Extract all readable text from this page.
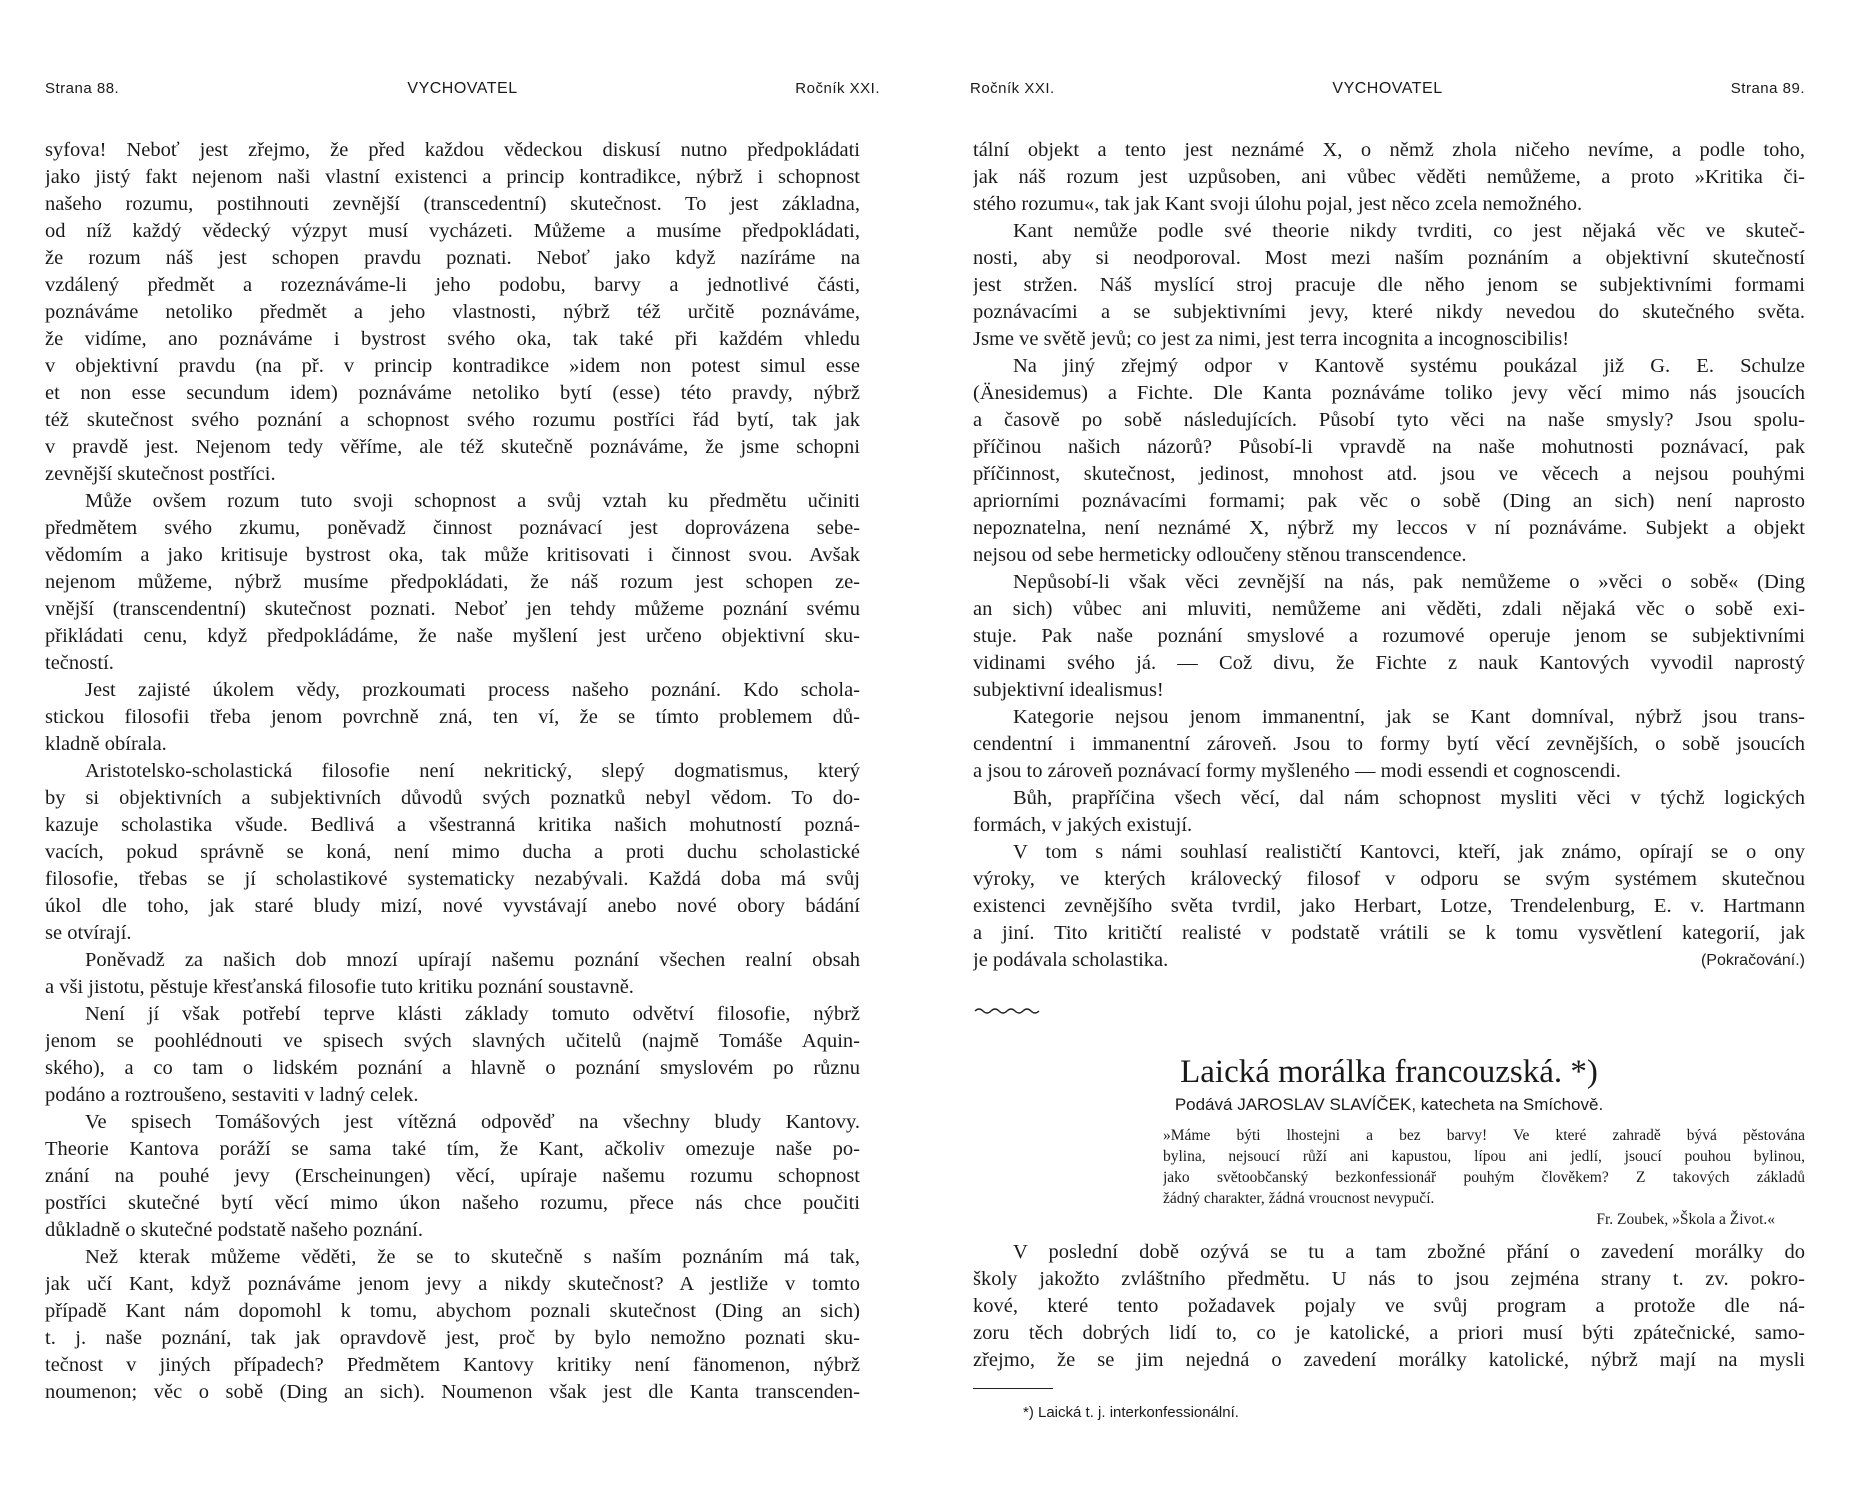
Strana 88.	VYCHOVATEL	Ročník XXI.
syfova! Neboť jest zřejmo, že před každou vědeckou diskusí nutno předpokládati
jako jistý fakt nejenom naši vlastní existenci a princip kontradikce, nýbrž i schopnost
našeho rozumu, postihnouti zevnější (transcedentní) skutečnost. To jest základna,
od níž každý vědecký výzpyt musí vycházeti. Můžeme a musíme předpokládati,
že rozum náš jest schopen pravdu poznati. Neboť jako když nazíráme na
vzdálený předmět a rozeznáváme-li jeho podobu, barvy a jednotlivé části,
poznáváme netoliko předmět a jeho vlastnosti, nýbrž též určitě poznáváme,
že vidíme, ano poznáváme i bystrost svého oka, tak také při každém vhledu
v objektivní pravdu (na př. v princip kontradikce »idem non potest simul esse
et non esse secundum idem) poznáváme netoliko bytí (esse) této pravdy, nýbrž
též skutečnost svého poznání a schopnost svého rozumu postříci řád bytí, tak jak
v pravdě jest. Nejenom tedy věříme, ale též skutečně poznáváme, že jsme schopni
zevnější skutečnost postříci.
Může ovšem rozum tuto svoji schopnost a svůj vztah ku předmětu učiniti
předmětem svého zkumu, poněvadž činnost poznávací jest doprovázena sebe-
vědomím a jako kritisuje bystrost oka, tak může kritisovati i činnost svou. Avšak
nejenom můžeme, nýbrž musíme předpokládati, že náš rozum jest schopen ze-
vnější (transcendentní) skutečnost poznati. Neboť jen tehdy můžeme poznání svému
přikládati cenu, když předpokládáme, že naše myšlení jest určeno objektivní sku-
tečností.
Jest zajisté úkolem vědy, prozkoumati process našeho poznání. Kdo schola-
stickou filosofii třeba jenom povrchně zná, ten ví, že se tímto problemem dů-
kladně obírala.
Aristotelsko-scholastická filosofie není nekritický, slepý dogmatismus, který
by si objektivních a subjektivních důvodů svých poznatků nebyl vědom. To do-
kazuje scholastika všude. Bedlivá a všestranná kritika našich mohutností pozná-
vacích, pokud správně se koná, není mimo ducha a proti duchu scholastické
filosofie, třebas se jí scholastikové systematicky nezabývali. Každá doba má svůj
úkol dle toho, jak staré bludy mizí, nové vyvstávají anebo nové obory bádání
se otvírají.
Poněvadž za našich dob mnozí upírají našemu poznání všechen realní obsah
a vši jistotu, pěstuje křesťanská filosofie tuto kritiku poznání soustavně.
Není jí však potřebí teprve klásti základy tomuto odvětví filosofie, nýbrž
jenom se poohlédnouti ve spisech svých slavných učitelů (najmě Tomáše Aquin-
ského), a co tam o lidském poznání a hlavně o poznání smyslovém po různu
podáno a roztroušeno, sestaviti v ladný celek.
Ve spisech Tomášových jest vítězná odpověď na všechny bludy Kantovy.
Theorie Kantova poráží se sama také tím, že Kant, ačkoliv omezuje naše po-
znání na pouhé jevy (Erscheinungen) věcí, upíraje našemu rozumu schopnost
postříci skutečné bytí věcí mimo úkon našeho rozumu, přece nás chce poučiti
důkladně o skutečné podstatě našeho poznání.
Než kterak můžeme věděti, že se to skutečně s naším poznáním má tak,
jak učí Kant, když poznáváme jenom jevy a nikdy skutečnost? A jestliže v tomto
případě Kant nám dopomohl k tomu, abychom poznali skutečnost (Ding an sich)
t. j. naše poznání, tak jak opravdově jest, proč by bylo nemožno poznati sku-
tečnost v jiných případech? Předmětem Kantovy kritiky není fänomenon, nýbrž
noumenon; věc o sobě (Ding an sich). Noumenon však jest dle Kanta transcenden-
Ročník XXI.	VYCHOVATEL	Strana 89.
tální objekt a tento jest neznámé X, o němž zhola ničeho nevíme, a podle toho,
jak náš rozum jest uzpůsoben, ani vůbec věděti nemůžeme, a proto »Kritika či-
stého rozumu«, tak jak Kant svoji úlohu pojal, jest něco zcela nemožného.
Kant nemůže podle své theorie nikdy tvrditi, co jest nějaká věc ve skuteč-
nosti, aby si neodporoval. Most mezi naším poznáním a objektivní skutečností
jest stržen. Náš myslící stroj pracuje dle něho jenom se subjektivními formami
poznávacími a se subjektivními jevy, které nikdy nevedou do skutečného světa.
Jsme ve světě jevů; co jest za nimi, jest terra incognita a incognoscibilis!
Na jiný zřejmý odpor v Kantově systému poukázal již G. E. Schulze
(Änesidemus) a Fichte. Dle Kanta poznáváme toliko jevy věcí mimo nás jsoucích
a časově po sobě následujících. Působí tyto věci na naše smysly? Jsou spolu-
příčinou našich názorů? Působí-li vpravdě na naše mohutnosti poznávací, pak
příčinnost, skutečnost, jedinost, mnohost atd. jsou ve věcech a nejsou pouhými
apriorními poznávacími formami; pak věc o sobě (Ding an sich) není naprosto
nepoznatelna, není neznámé X, nýbrž my leccos v ní poznáváme. Subjekt a objekt
nejsou od sebe hermeticky odloučeny stěnou transcendence.
Nepůsobí-li však věci zevnější na nás, pak nemůžeme o »věci o sobě« (Ding
an sich) vůbec ani mluviti, nemůžeme ani věděti, zdali nějaká věc o sobě exi-
stuje. Pak naše poznání smyslové a rozumové operuje jenom se subjektivními
vidinami svého já. — Což divu, že Fichte z nauk Kantových vyvodil naprostý
subjektivní idealismus!
Kategorie nejsou jenom immanentní, jak se Kant domníval, nýbrž jsou trans-
cendentní i immanentní zároveň. Jsou to formy bytí věcí zevnějších, o sobě jsoucích
a jsou to zároveň poznávací formy myšleného — modi essendi et cognoscendi.
Bůh, prapříčina všech věcí, dal nám schopnost mysliti věci v týchž logických
formách, v jakých existují.
V tom s námi souhlasí realističtí Kantovci, kteří, jak známo, opírají se o ony
výroky, ve kterých královecký filosof v odporu se svým systémem skutečnou
existenci zevnějšího světa tvrdil, jako Herbart, Lotze, Trendelenburg, E. v. Hartmann
a jiní. Tito kritičtí realisté v podstatě vrátili se k tomu vysvětlení kategorií, jak
je podávala scholastika.	(Pokračování.)
Laická morálka francouzská. *)
Podává JAROSLAV SLAVÍČEK, katecheta na Smíchově.
»Máme býti lhostejni a bez barvy! Ve které zahradě bývá pěstována
bylina, nejsoucí růží ani kapustou, lípou ani jedlí, jsoucí pouhou bylinou,
jako světoobčanský bezkonfessionář pouhým člověkem? Z takových základů
žádný charakter, žádná vroucnost nevypučí.
Fr. Zoubek, »Škola a Život.«
V poslední době ozývá se tu a tam zbožné přání o zavedení morálky do
školy jakožto zvláštního předmětu. U nás to jsou zejména strany t. zv. pokro-
kové, které tento požadavek pojaly ve svůj program a protože dle ná-
zoru těch dobrých lidí to, co je katolické, a priori musí býti zpátečnické, samo-
zřejmo, že se jim nejedná o zavedení morálky katolické, nýbrž mají na mysli
*) Laická t. j. interkonfessionální.
